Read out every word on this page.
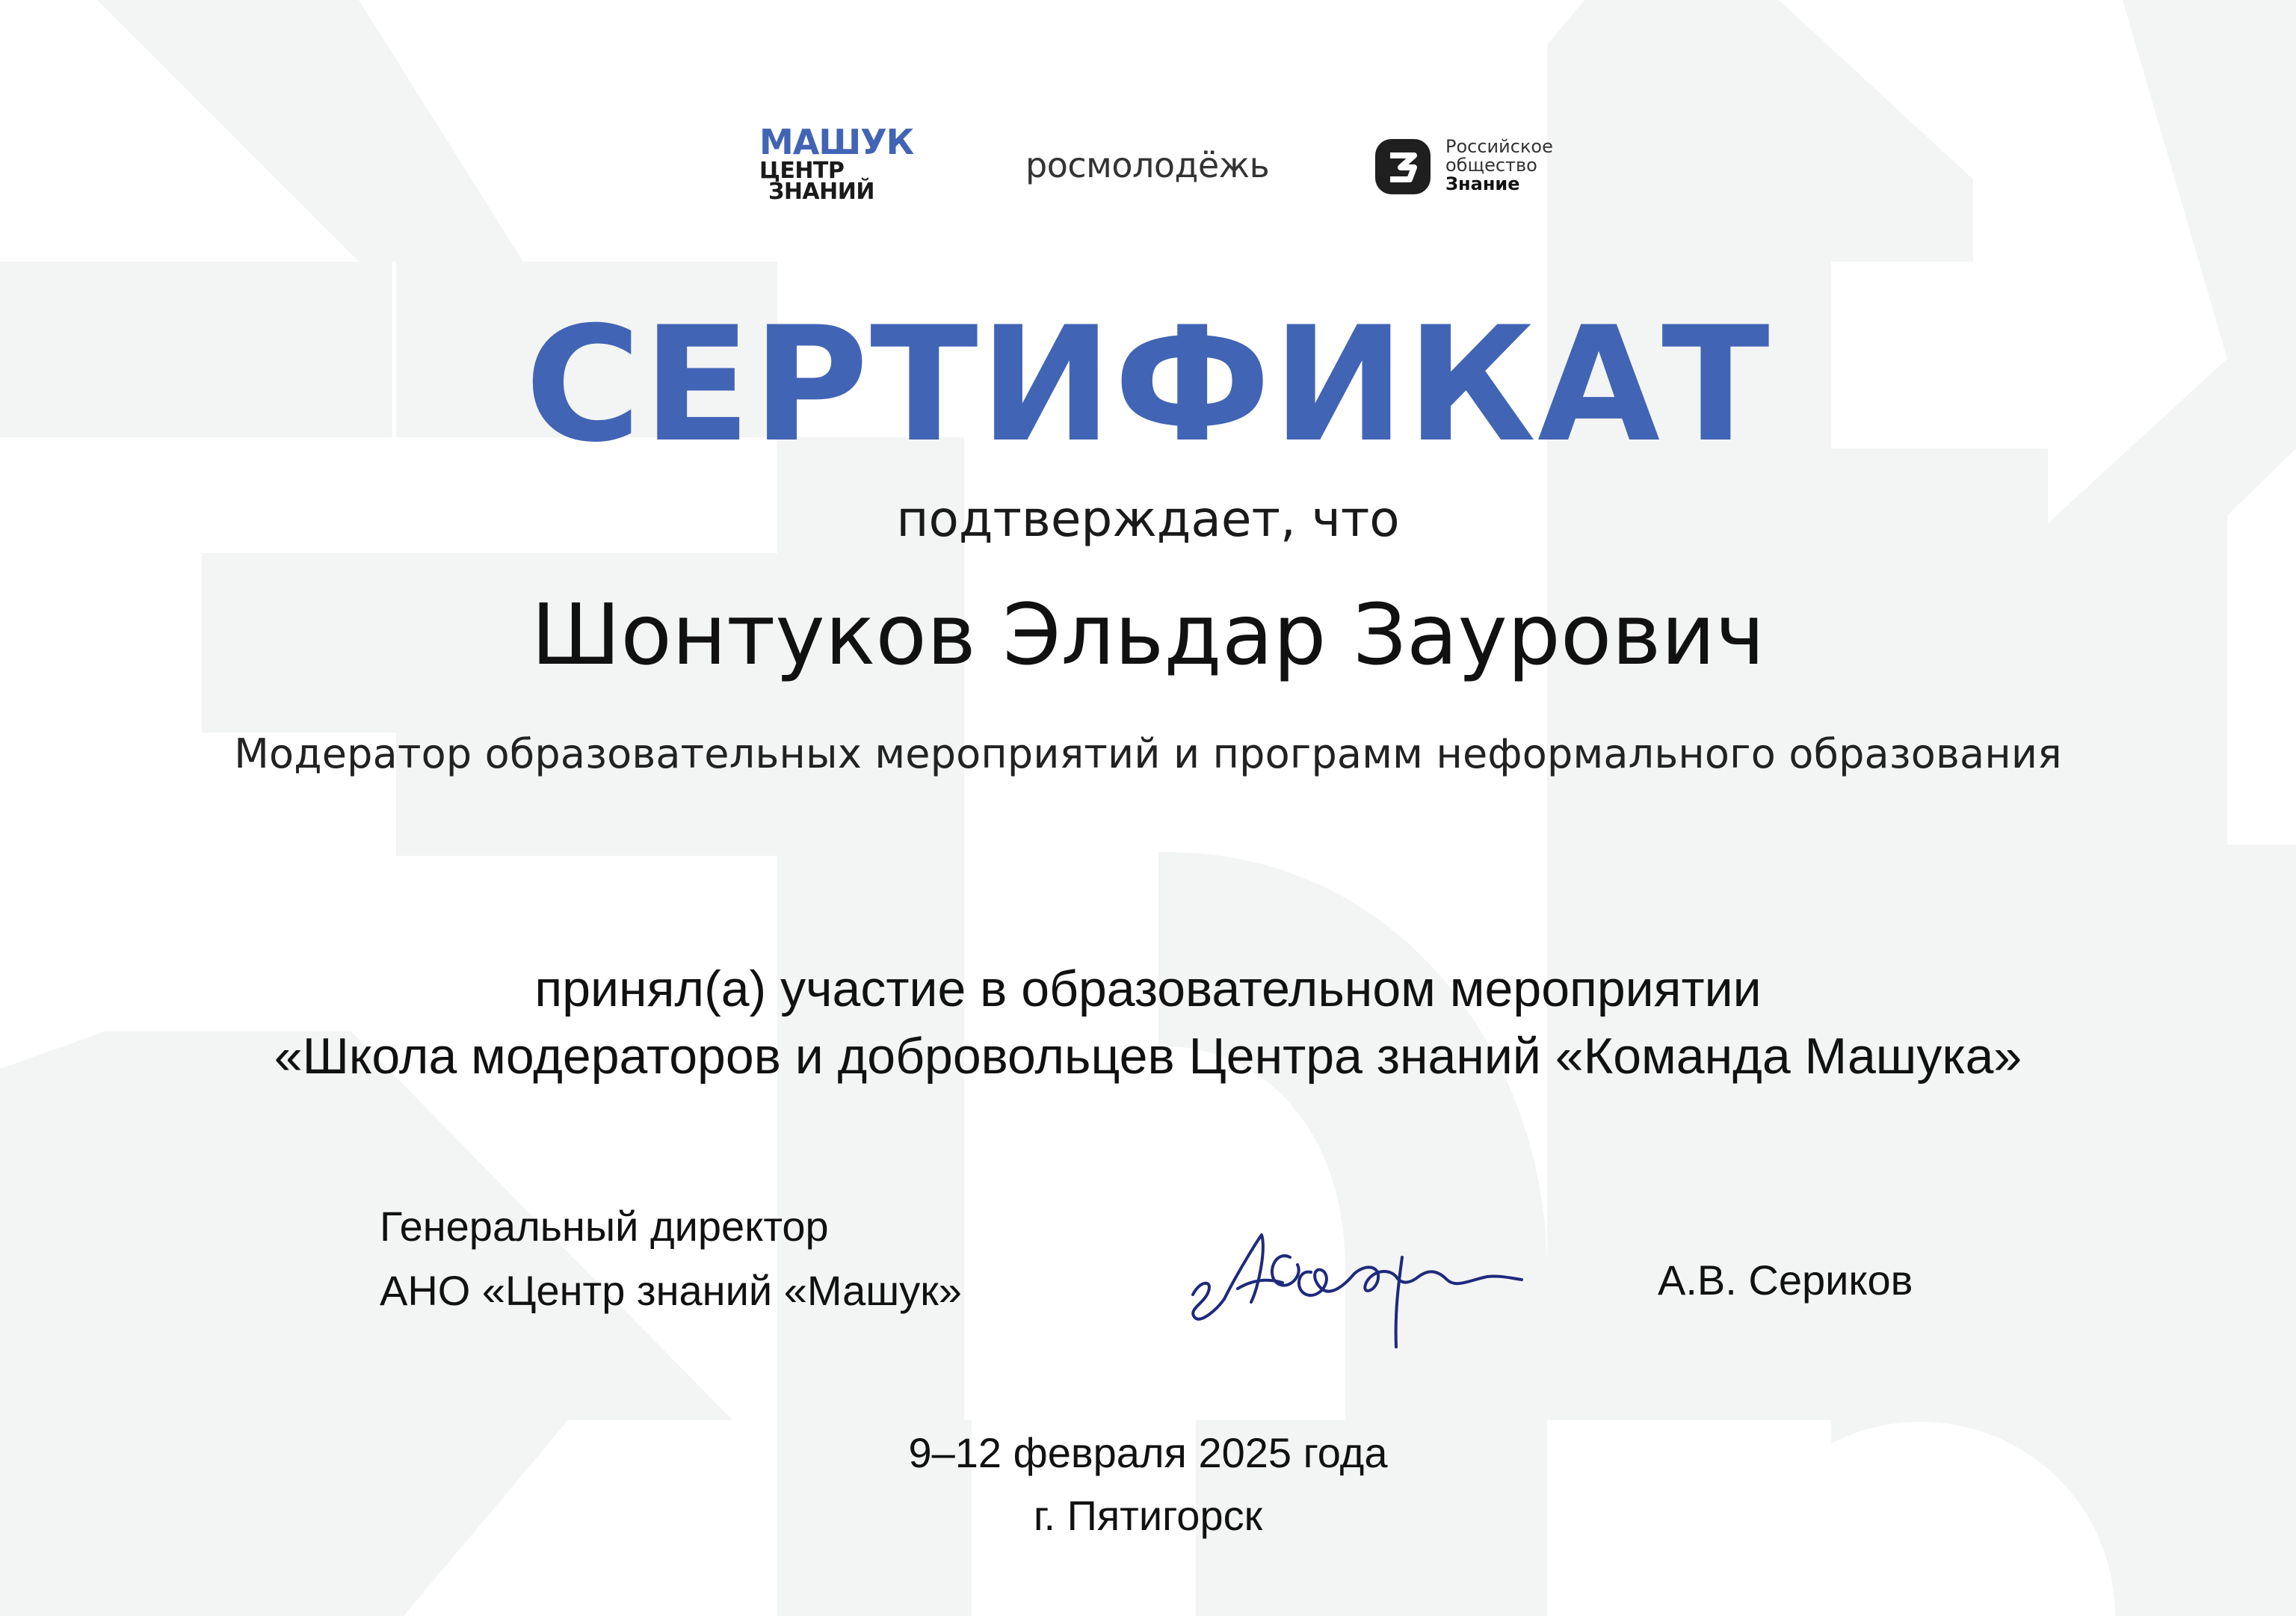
МАШУК
ЦЕНТР
ЗНАНИЙ
росмолодёжь	Российское
общество
Знание
СЕРТИФИКАТ
подтверждает, что
Шонтуков Эльдар Заурович
Модератор образовательных мероприятий и программ неформального образования
принял(а) участие в образовательном мероприятии
«Школа модераторов и добровольцев Центра знаний «Команда Машука»
Генеральный директор
АНО «Центр знаний «Машук»	А.В. Сериков
9–12 февраля 2025 года
г. Пятигорск
